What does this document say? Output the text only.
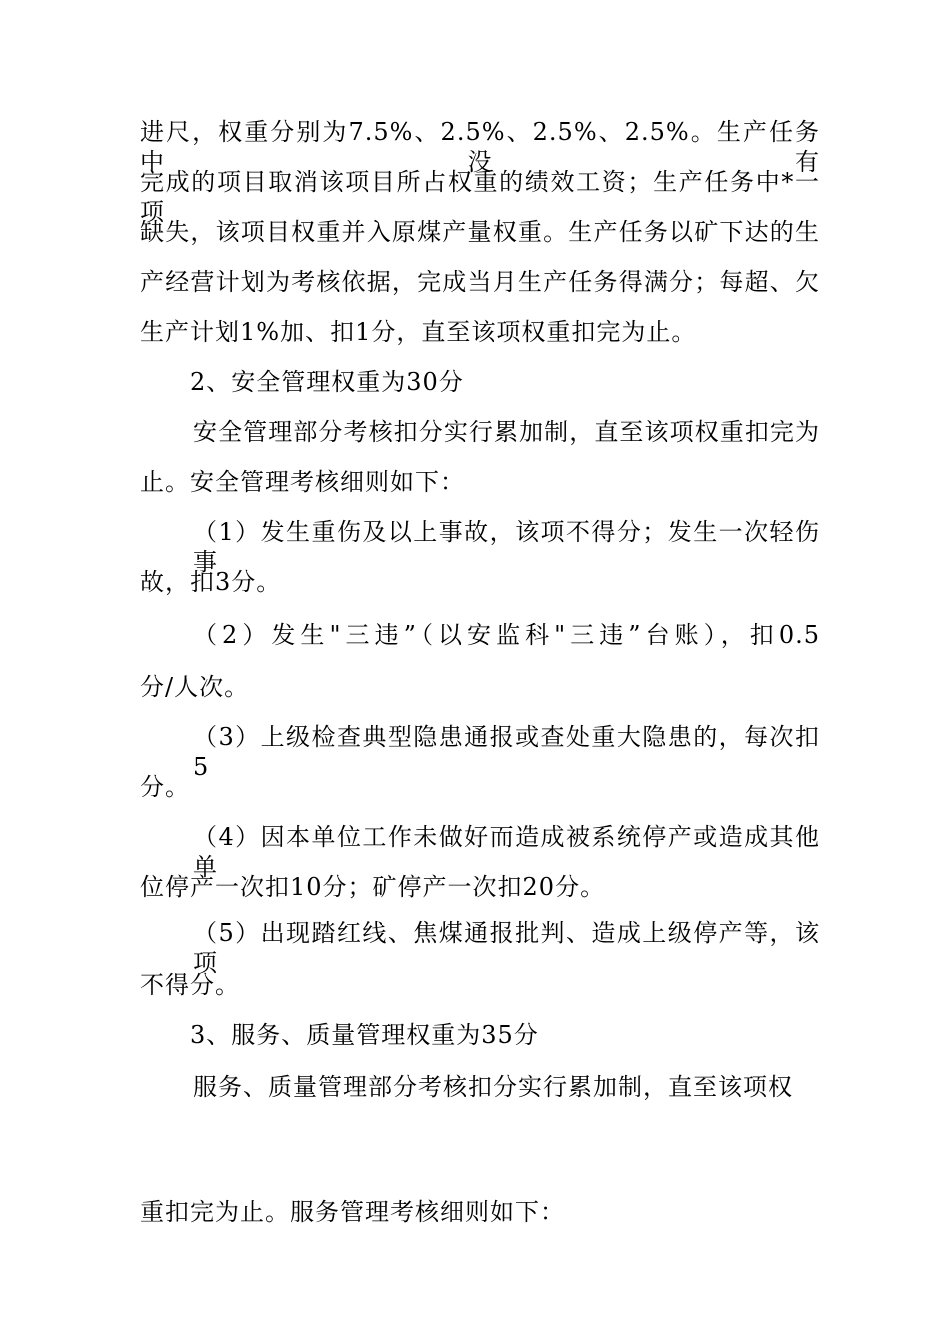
进尺，权重分别为7.5%、2.5%、2.5%、2.5%。生产任务中没有
完成的项目取消该项目所占权重的绩效工资；生产任务中*一项
缺失，该项目权重并入原煤产量权重。生产任务以矿下达的生
产经营计划为考核依据，完成当月生产任务得满分；每超、欠
生产计划1%加、扣1分，直至该项权重扣完为止。
2、安全管理权重为30分
安全管理部分考核扣分实行累加制，直至该项权重扣完为
止。安全管理考核细则如下：
（1）发生重伤及以上事故，该项不得分；发生一次轻伤事
故，扣3分。
（2）发生"三违”（以安监科"三违”台账），扣0.5
分/人次。
（3）上级检查典型隐患通报或查处重大隐患的，每次扣5
分。
（4）因本单位工作未做好而造成被系统停产或造成其他单
位停产一次扣10分；矿停产一次扣20分。
（5）出现踏红线、焦煤通报批判、造成上级停产等，该项
不得分。
3、服务、质量管理权重为35分
服务、质量管理部分考核扣分实行累加制，直至该项权
重扣完为止。服务管理考核细则如下：
